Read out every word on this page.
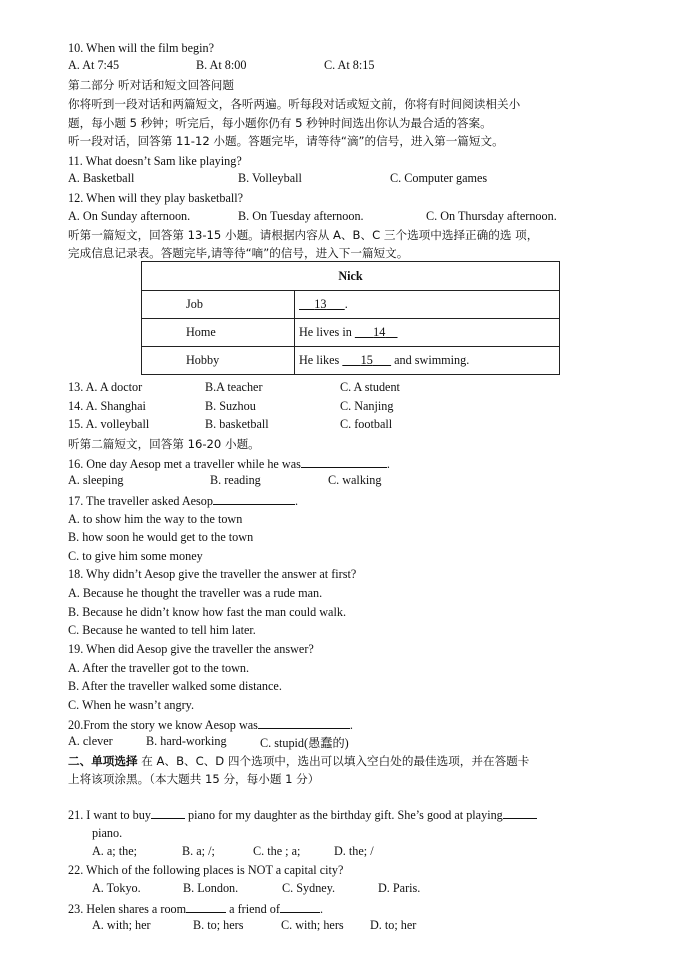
10. When will the film begin?
A. At 7:45	B. At 8:00	C. At 8:15
第二部分 听对话和短文回答问题
你将听到一段对话和两篇短文，各听两遍。听每段对话或短文前，你将有时间阅读相关小
题，每小题 5 秒钟；听完后，每小题你仍有 5 秒钟时间选出你认为最合适的答案。
听一段对话，回答第 11-12 小题。答题完毕，请等待“滴”的信号，进入第一篇短文。
11. What doesn’t Sam like playing?
A. Basketball	B. Volleyball	C. Computer games
12. When will they play basketball?
A. On Sunday afternoon.	B. On Tuesday afternoon.	C. On Thursday afternoon.
听第一篇短文，回答第 13-15 小题。请根据内容从 A、B、C 三个选项中选择正确的选 项，
完成信息记录表。答题完毕,请等待“嘀”的信号，进入下一篇短文。
Nick	
Job	13 .
Home	He lives in       14
Hobby	He likes       15       and swimming.
13. A. A doctor	B.A teacher	C. A student
14. A. Shanghai	B. Suzhou	C. Nanjing
15. A. volleyball	B. basketball	C. football
听第二篇短文，回答第 16-20 小题。
16. One day Aesop met a traveller while he was	.
A. sleeping	B. reading	C. walking
17. The traveller asked Aesop	.
A. to show him the way to the town
B. how soon he would get to the town
C. to give him some money
18. Why didn’t Aesop give the traveller the answer at first?
A. Because he thought the traveller was a rude man.
B. Because he didn’t know how fast the man could walk.
C. Because he wanted to tell him later.
19. When did Aesop give the traveller the answer?
A. After the traveller got to the town.
B. After the traveller walked some distance.
C. When he wasn’t angry.
20.From the story we know Aesop was	.
A. clever	B. hard-working	C. stupid(愚蠢的)
二、单项选择 在 A、B、C、D 四个选项中，选出可以填入空白处的最佳选项，并在答题卡
上将该项涂黑。（本大题共 15 分，每小题 1 分）
21. I want to buy	piano for my daughter as the birthday gift. She’s good at playing
piano.
A. a; the;	B. a; /;	C. the ; a;	D. the; /
22. Which of the following places is NOT a capital city?
A. Tokyo.	B. London.	C. Sydney.	D. Paris.
23. Helen shares a room	a friend of	.
A. with; her	B. to; hers	C. with; hers D. to; her
